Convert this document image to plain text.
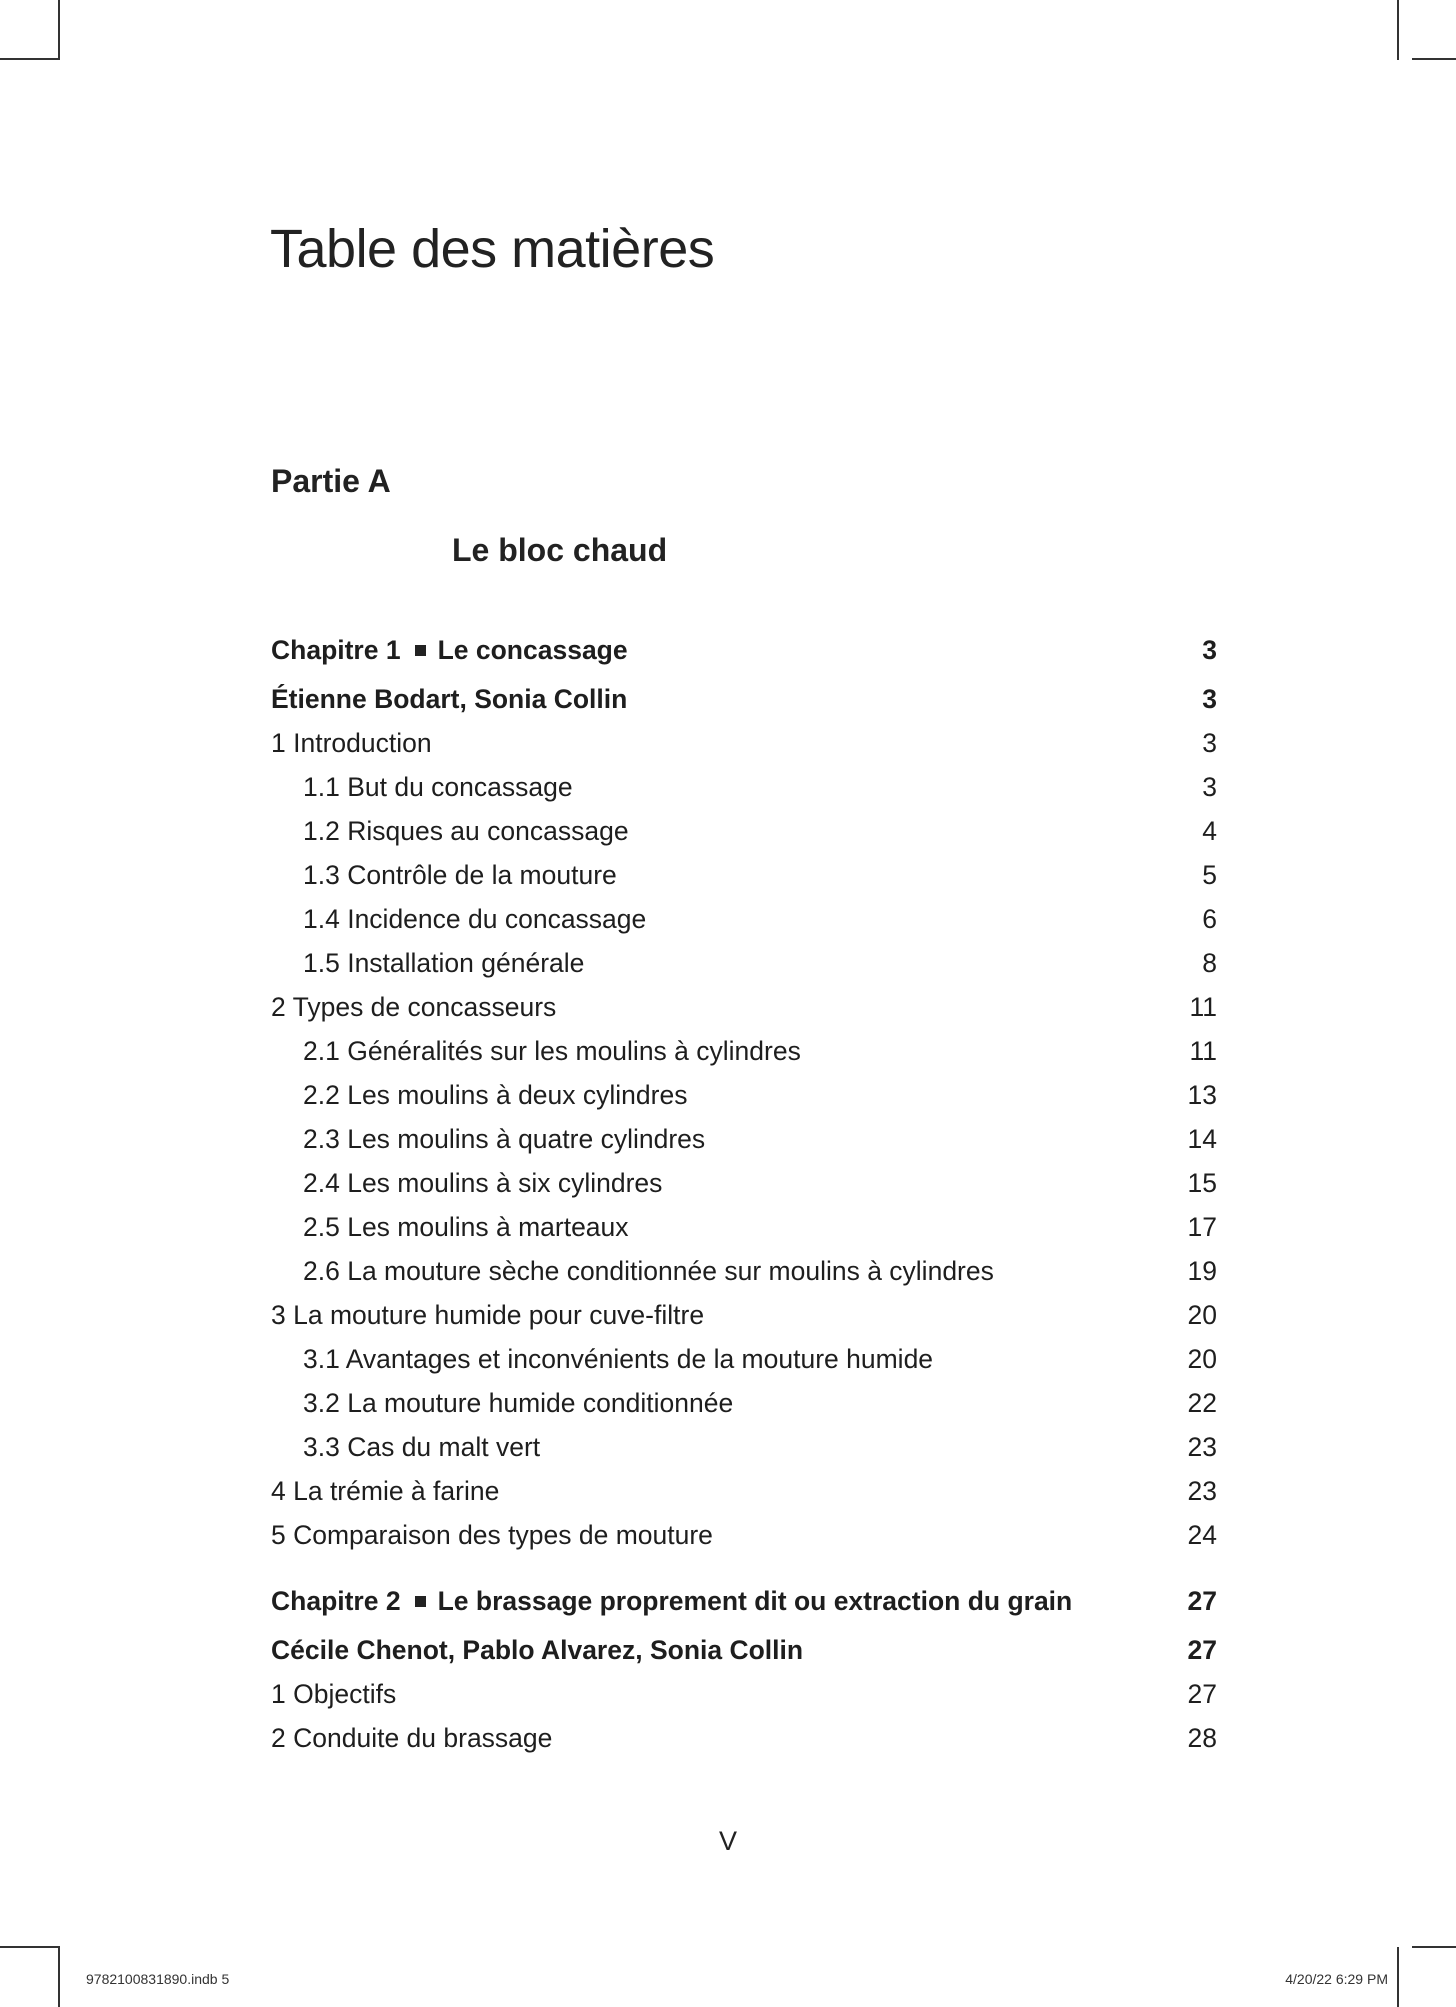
Table des matières
Partie A
Le bloc chaud
Chapitre 1 Le concassage	3
Étienne Bodart, Sonia Collin	3
1 Introduction	3
1.1 But du concassage	3
1.2 Risques au concassage	4
1.3 Contrôle de la mouture	5
1.4 Incidence du concassage	6
1.5 Installation générale	8
2 Types de concasseurs	11
2.1 Généralités sur les moulins à cylindres	11
2.2 Les moulins à deux cylindres	13
2.3 Les moulins à quatre cylindres	14
2.4 Les moulins à six cylindres	15
2.5 Les moulins à marteaux	17
2.6 La mouture sèche conditionnée sur moulins à cylindres	19
3 La mouture humide pour cuve-filtre	20
3.1 Avantages et inconvénients de la mouture humide	20
3.2 La mouture humide conditionnée	22
3.3 Cas du malt vert	23
4 La trémie à farine	23
5 Comparaison des types de mouture	24
Chapitre 2 Le brassage proprement dit ou extraction du grain	27
Cécile Chenot, Pablo Alvarez, Sonia Collin	27
1 Objectifs	27
2 Conduite du brassage	28
V
9782100831890.indb 5	4/20/22 6:29 PM
